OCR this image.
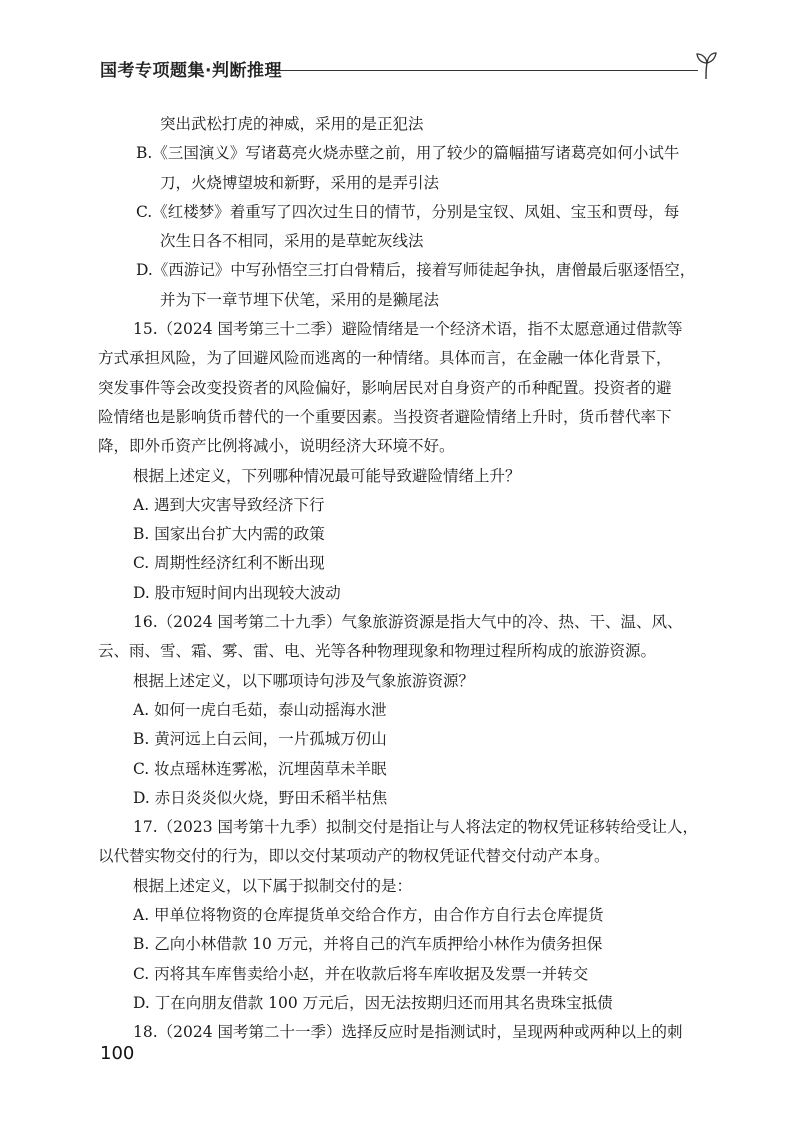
国考专项题集·判断推理

突出武松打虎的神威，采用的是正犯法

B.《三国演义》写诸葛亮火烧赤壁之前，用了较少的篇幅描写诸葛亮如何小试牛

刀，火烧博望坡和新野，采用的是弄引法

C.《红楼梦》着重写了四次过生日的情节，分别是宝钗、凤姐、宝玉和贾母，每

次生日各不相同，采用的是草蛇灰线法

D.《西游记》中写孙悟空三打白骨精后，接着写师徒起争执，唐僧最后驱逐悟空，

并为下一章节埋下伏笔，采用的是獭尾法

15.（2024 国考第三十二季）避险情绪是一个经济术语，指不太愿意通过借款等

方式承担风险，为了回避风险而逃离的一种情绪。具体而言，在金融一体化背景下，

突发事件等会改变投资者的风险偏好，影响居民对自身资产的币种配置。投资者的避

险情绪也是影响货币替代的一个重要因素。当投资者避险情绪上升时，货币替代率下

降，即外币资产比例将减小，说明经济大环境不好。

根据上述定义，下列哪种情况最可能导致避险情绪上升？

A. 遇到大灾害导致经济下行

B. 国家出台扩大内需的政策

C. 周期性经济红利不断出现

D. 股市短时间内出现较大波动

16.（2024 国考第二十九季）气象旅游资源是指大气中的冷、热、干、温、风、

云、雨、雪、霜、雾、雷、电、光等各种物理现象和物理过程所构成的旅游资源。

根据上述定义，以下哪项诗句涉及气象旅游资源？

A. 如何一虎白毛茹，泰山动摇海水泄

B. 黄河远上白云间，一片孤城万仞山

C. 妆点瑶林连雾凇，沉埋茵草未羊眠

D. 赤日炎炎似火烧，野田禾稻半枯焦

17.（2023 国考第十九季）拟制交付是指让与人将法定的物权凭证移转给受让人，

以代替实物交付的行为，即以交付某项动产的物权凭证代替交付动产本身。

根据上述定义，以下属于拟制交付的是：

A. 甲单位将物资的仓库提货单交给合作方，由合作方自行去仓库提货

B. 乙向小林借款 10 万元，并将自己的汽车质押给小林作为债务担保

C. 丙将其车库售卖给小赵，并在收款后将车库收据及发票一并转交

D. 丁在向朋友借款 100 万元后，因无法按期归还而用其名贵珠宝抵债

18.（2024 国考第二十一季）选择反应时是指测试时，呈现两种或两种以上的刺

100
